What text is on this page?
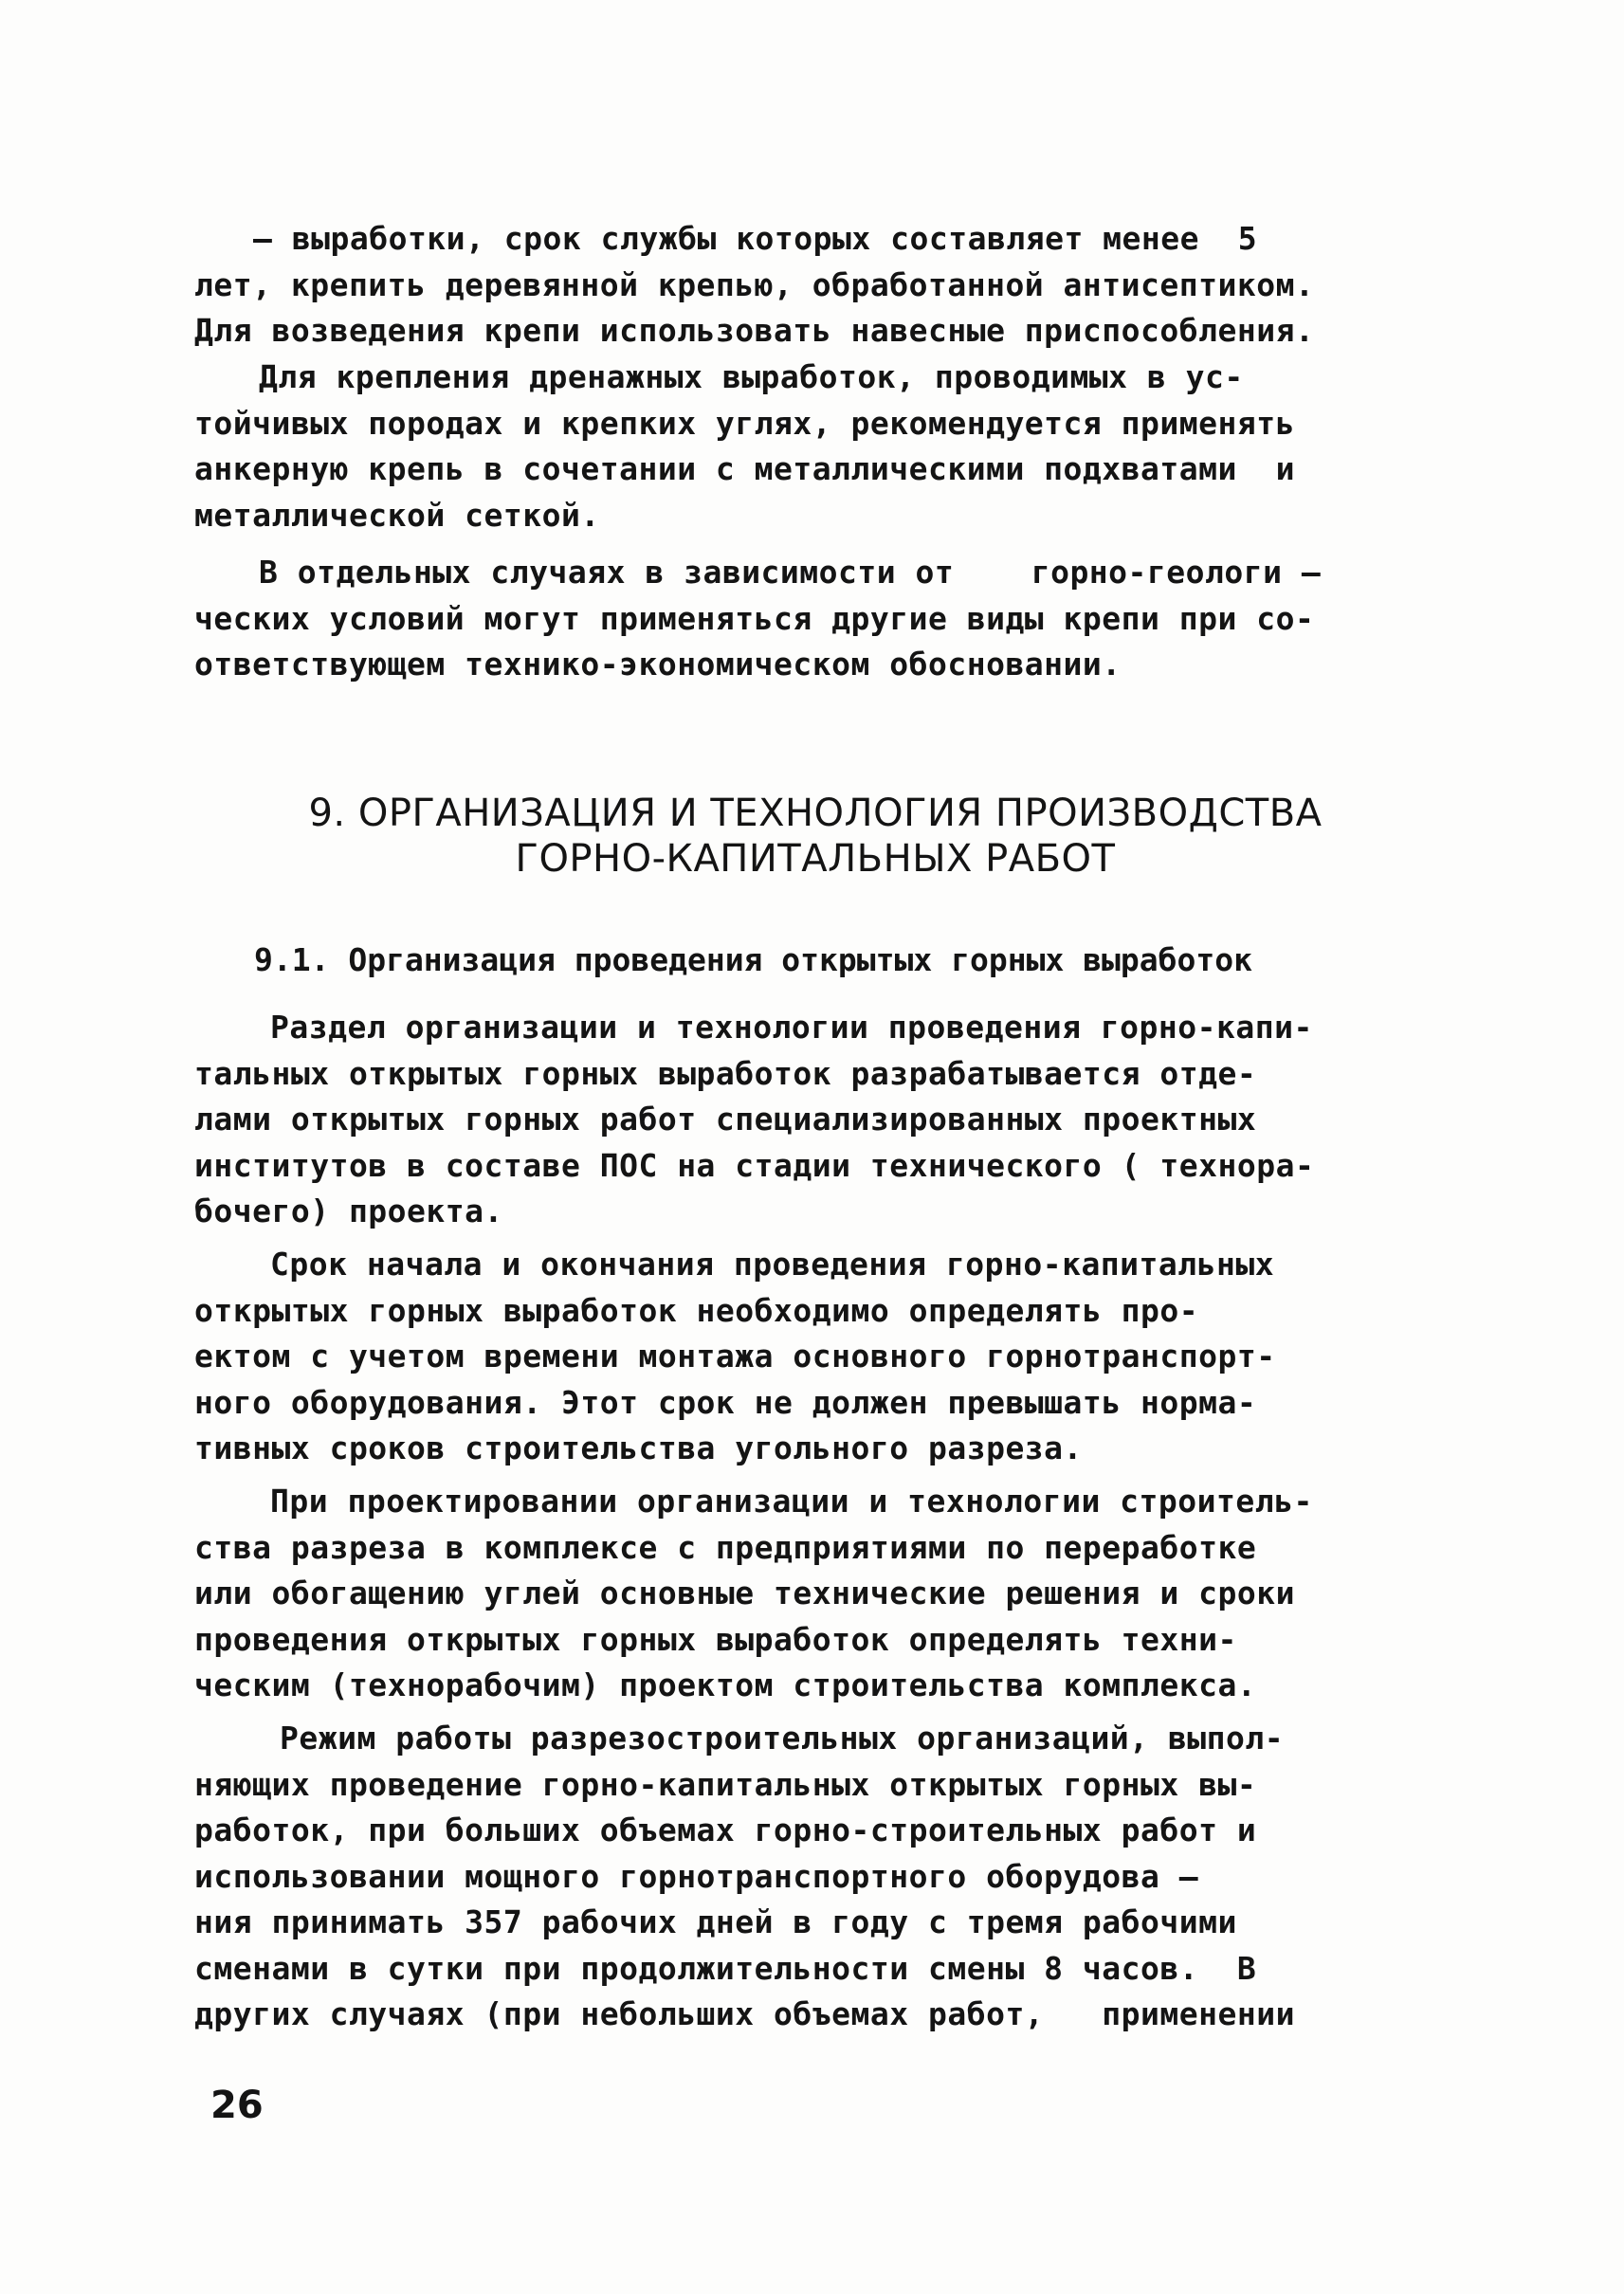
– выработки, срок службы которых составляет менее  5
лет, крепить деревянной крепью, обработанной антисептиком.
Для возведения крепи использовать навесные приспособления.
Для крепления дренажных выработок, проводимых в ус-
тойчивых породах и крепких углях, рекомендуется применять
анкерную крепь в сочетании с металлическими подхватами  и
металлической сеткой.
В отдельных случаях в зависимости от    горно-геологи –
ческих условий могут применяться другие виды крепи при со-
ответствующем технико-экономическом обосновании.
9. ОРГАНИЗАЦИЯ И ТЕХНОЛОГИЯ ПРОИЗВОДСТВА
ГОРНО-КАПИТАЛЬНЫХ РАБОТ
9.1. Организация проведения открытых горных выработок
Раздел организации и технологии проведения горно-капи-
тальных открытых горных выработок разрабатывается отде-
лами открытых горных работ специализированных проектных
институтов в составе ПОС на стадии технического ( технора-
бочего) проекта.
Срок начала и окончания проведения горно-капитальных
открытых горных выработок необходимо определять про-
ектом с учетом времени монтажа основного горнотранспорт-
ного оборудования. Этот срок не должен превышать норма-
тивных сроков строительства угольного разреза.
При проектировании организации и технологии строитель-
ства разреза в комплексе с предприятиями по переработке
или обогащению углей основные технические решения и сроки
проведения открытых горных выработок определять техни-
ческим (технорабочим) проектом строительства комплекса.
Режим работы разрезостроительных организаций, выпол-
няющих проведение горно-капитальных открытых горных вы-
работок, при больших объемах горно-строительных работ и
использовании мощного горнотранспортного оборудова –
ния принимать 357 рабочих дней в году с тремя рабочими
сменами в сутки при продолжительности смены 8 часов.  В
других случаях (при небольших объемах работ,   применении
26
